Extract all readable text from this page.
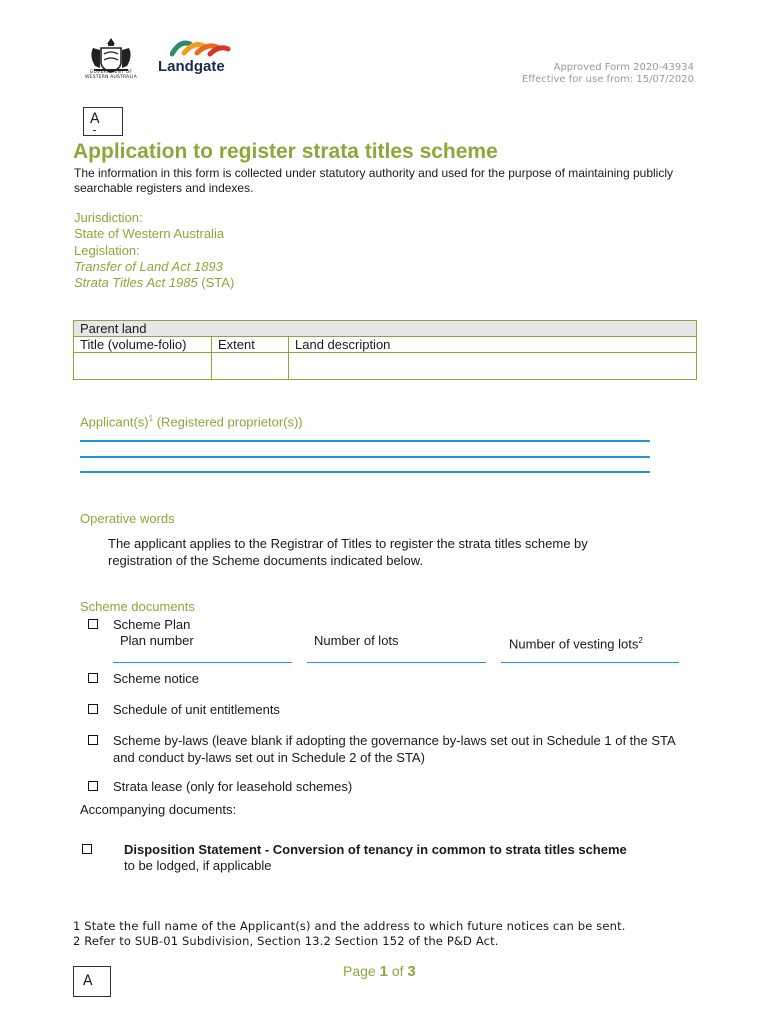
GOVERNMENT OF WESTERN AUSTRALIA
Landgate	Approved Form 2020-43934
Effective for use from: 15/07/2020
A
Application to register strata titles scheme
The information in this form is collected under statutory authority and used for the purpose of maintaining publicly searchable registers and indexes.
Jurisdiction:
State of Western Australia
Legislation:
Transfer of Land Act 1893
Strata Titles Act 1985 (STA)
Parent land		
Title (volume-folio)	Extent	Land description

$Applicant(s)^1$ (Registered proprietor(s))
Operative words
The applicant applies to the Registrar of Titles to register the strata titles scheme by registration of the Scheme documents indicated below.
Scheme documents
Scheme Plan
Plan number	Number of lots	Number of vesting lots$^2$
Scheme notice
Schedule of unit entitlements
Scheme by-laws (leave blank if adopting the governance by-laws set out in Schedule 1 of the STA and conduct by-laws set out in Schedule 2 of the STA)
Strata lease (only for leasehold schemes)
Accompanying documents:
Disposition Statement - Conversion of tenancy in common to strata titles scheme
to be lodged, if applicable
1 State the full name of the Applicant(s) and the address to which future notices can be sent.
2 Refer to SUB-01 Subdivision, Section 13.2 Section 152 of the P&D Act.
A
Page 1 of 3
